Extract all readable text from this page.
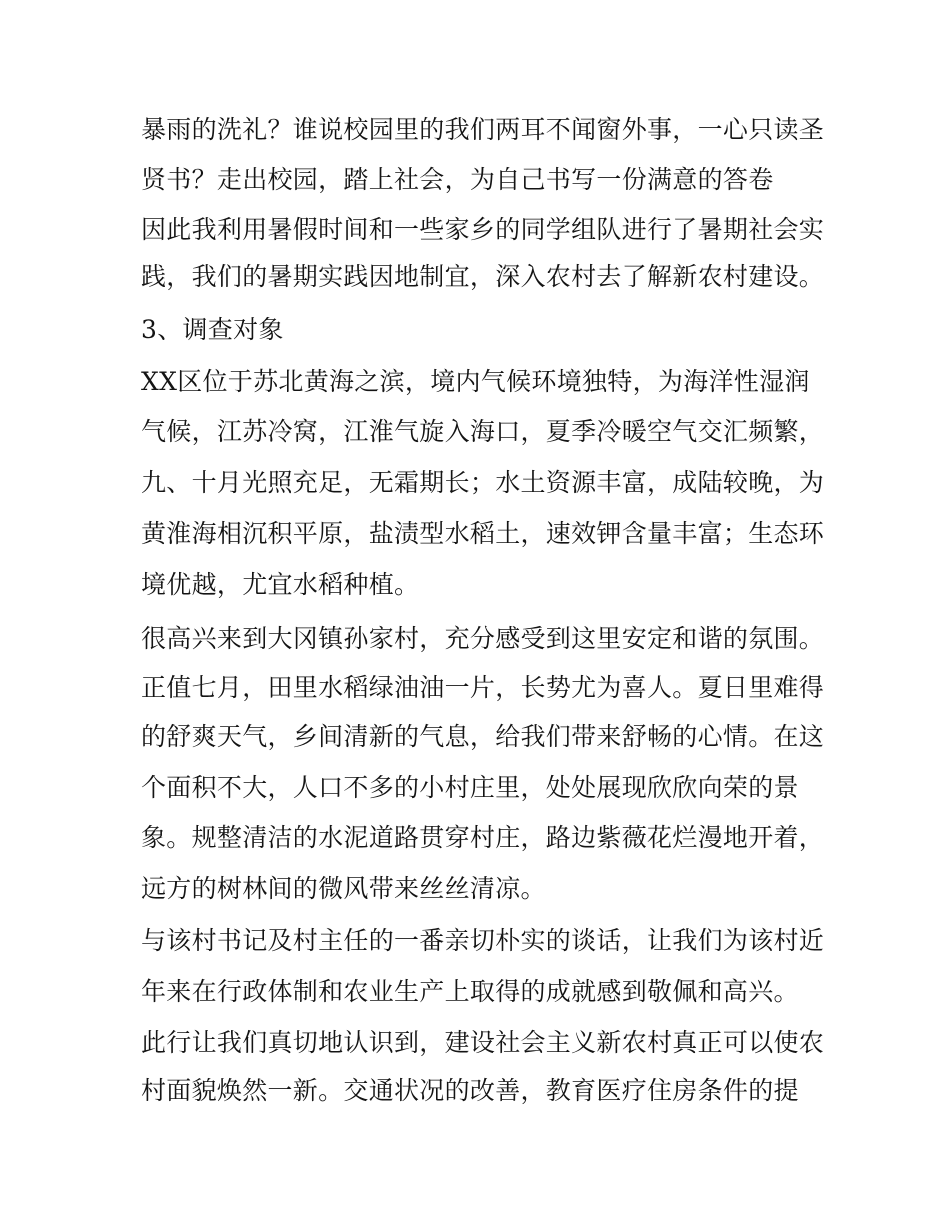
暴雨的洗礼？谁说校园里的我们两耳不闻窗外事，一心只读圣
贤书？走出校园，踏上社会，为自己书写一份满意的答卷
因此我利用暑假时间和一些家乡的同学组队进行了暑期社会实
践，我们的暑期实践因地制宜，深入农村去了解新农村建设。
3、调查对象
XX区位于苏北黄海之滨，境内气候环境独特，为海洋性湿润
气候，江苏冷窝，江淮气旋入海口，夏季冷暖空气交汇频繁，
九、十月光照充足，无霜期长；水土资源丰富，成陆较晚，为
黄淮海相沉积平原，盐渍型水稻土，速效钾含量丰富；生态环
境优越，尤宜水稻种植。
很高兴来到大冈镇孙家村，充分感受到这里安定和谐的氛围。
正值七月，田里水稻绿油油一片，长势尤为喜人。夏日里难得
的舒爽天气，乡间清新的气息，给我们带来舒畅的心情。在这
个面积不大，人口不多的小村庄里，处处展现欣欣向荣的景
象。规整清洁的水泥道路贯穿村庄，路边紫薇花烂漫地开着，
远方的树林间的微风带来丝丝清凉。
与该村书记及村主任的一番亲切朴实的谈话，让我们为该村近
年来在行政体制和农业生产上取得的成就感到敬佩和高兴。
此行让我们真切地认识到，建设社会主义新农村真正可以使农
村面貌焕然一新。交通状况的改善，教育医疗住房条件的提
